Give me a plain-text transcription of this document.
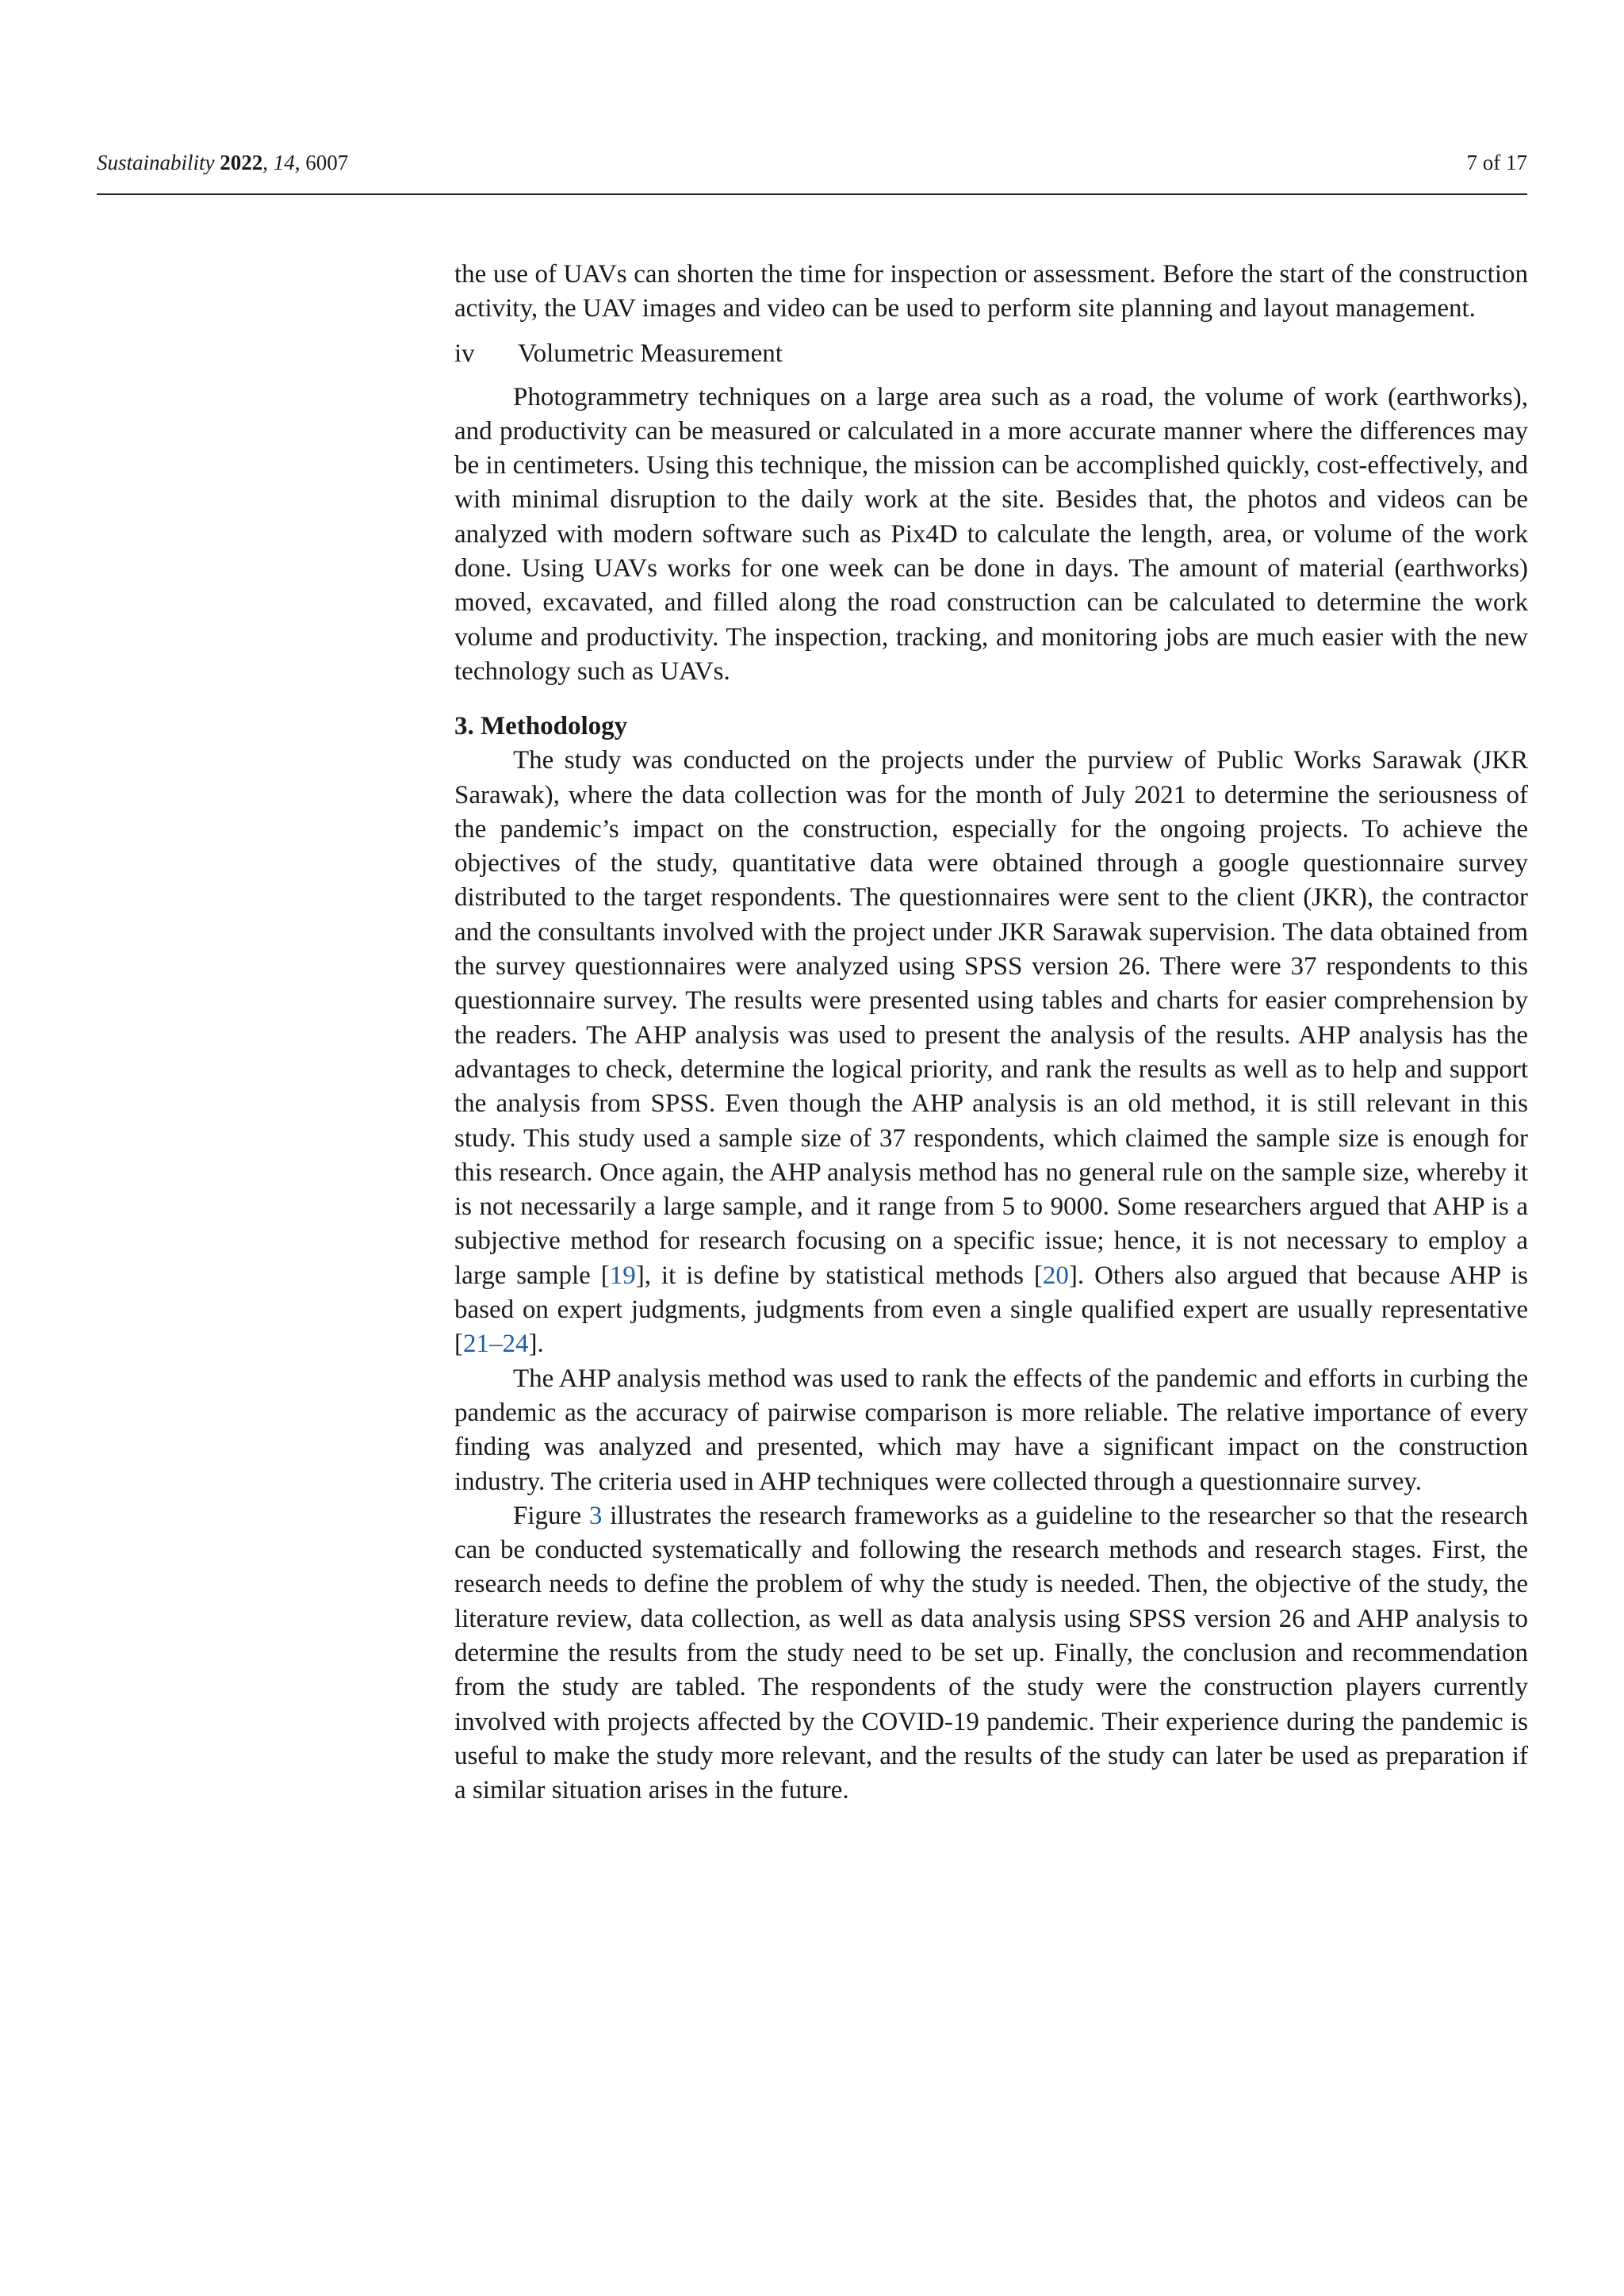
Sustainability 2022, 14, 6007	7 of 17

the use of UAVs can shorten the time for inspection or assessment. Before the start of the construction activity, the UAV images and video can be used to perform site planning and layout management.

iv	Volumetric Measurement

Photogrammetry techniques on a large area such as a road, the volume of work (earthworks), and productivity can be measured or calculated in a more accurate manner where the differences may be in centimeters. Using this technique, the mission can be accomplished quickly, cost-effectively, and with minimal disruption to the daily work at the site. Besides that, the photos and videos can be analyzed with modern software such as Pix4D to calculate the length, area, or volume of the work done. Using UAVs works for one week can be done in days. The amount of material (earthworks) moved, excavated, and filled along the road construction can be calculated to determine the work volume and productivity. The inspection, tracking, and monitoring jobs are much easier with the new technology such as UAVs.

3. Methodology

The study was conducted on the projects under the purview of Public Works Sarawak (JKR Sarawak), where the data collection was for the month of July 2021 to determine the seriousness of the pandemic’s impact on the construction, especially for the ongoing projects. To achieve the objectives of the study, quantitative data were obtained through a google questionnaire survey distributed to the target respondents. The questionnaires were sent to the client (JKR), the contractor and the consultants involved with the project under JKR Sarawak supervision. The data obtained from the survey questionnaires were analyzed using SPSS version 26. There were 37 respondents to this questionnaire survey. The results were presented using tables and charts for easier comprehension by the readers. The AHP analysis was used to present the analysis of the results. AHP analysis has the advantages to check, determine the logical priority, and rank the results as well as to help and support the analysis from SPSS. Even though the AHP analysis is an old method, it is still relevant in this study. This study used a sample size of 37 respondents, which claimed the sample size is enough for this research. Once again, the AHP analysis method has no general rule on the sample size, whereby it is not necessarily a large sample, and it range from 5 to 9000. Some researchers argued that AHP is a subjective method for research focusing on a specific issue; hence, it is not necessary to employ a large sample [19], it is define by statistical methods [20]. Others also argued that because AHP is based on expert judgments, judgments from even a single qualified expert are usually representative [21–24].

The AHP analysis method was used to rank the effects of the pandemic and efforts in curbing the pandemic as the accuracy of pairwise comparison is more reliable. The relative importance of every finding was analyzed and presented, which may have a significant impact on the construction industry. The criteria used in AHP techniques were collected through a questionnaire survey.

Figure 3 illustrates the research frameworks as a guideline to the researcher so that the research can be conducted systematically and following the research methods and research stages. First, the research needs to define the problem of why the study is needed. Then, the objective of the study, the literature review, data collection, as well as data analysis using SPSS version 26 and AHP analysis to determine the results from the study need to be set up. Finally, the conclusion and recommendation from the study are tabled. The respondents of the study were the construction players currently involved with projects affected by the COVID-19 pandemic. Their experience during the pandemic is useful to make the study more relevant, and the results of the study can later be used as preparation if a similar situation arises in the future.
